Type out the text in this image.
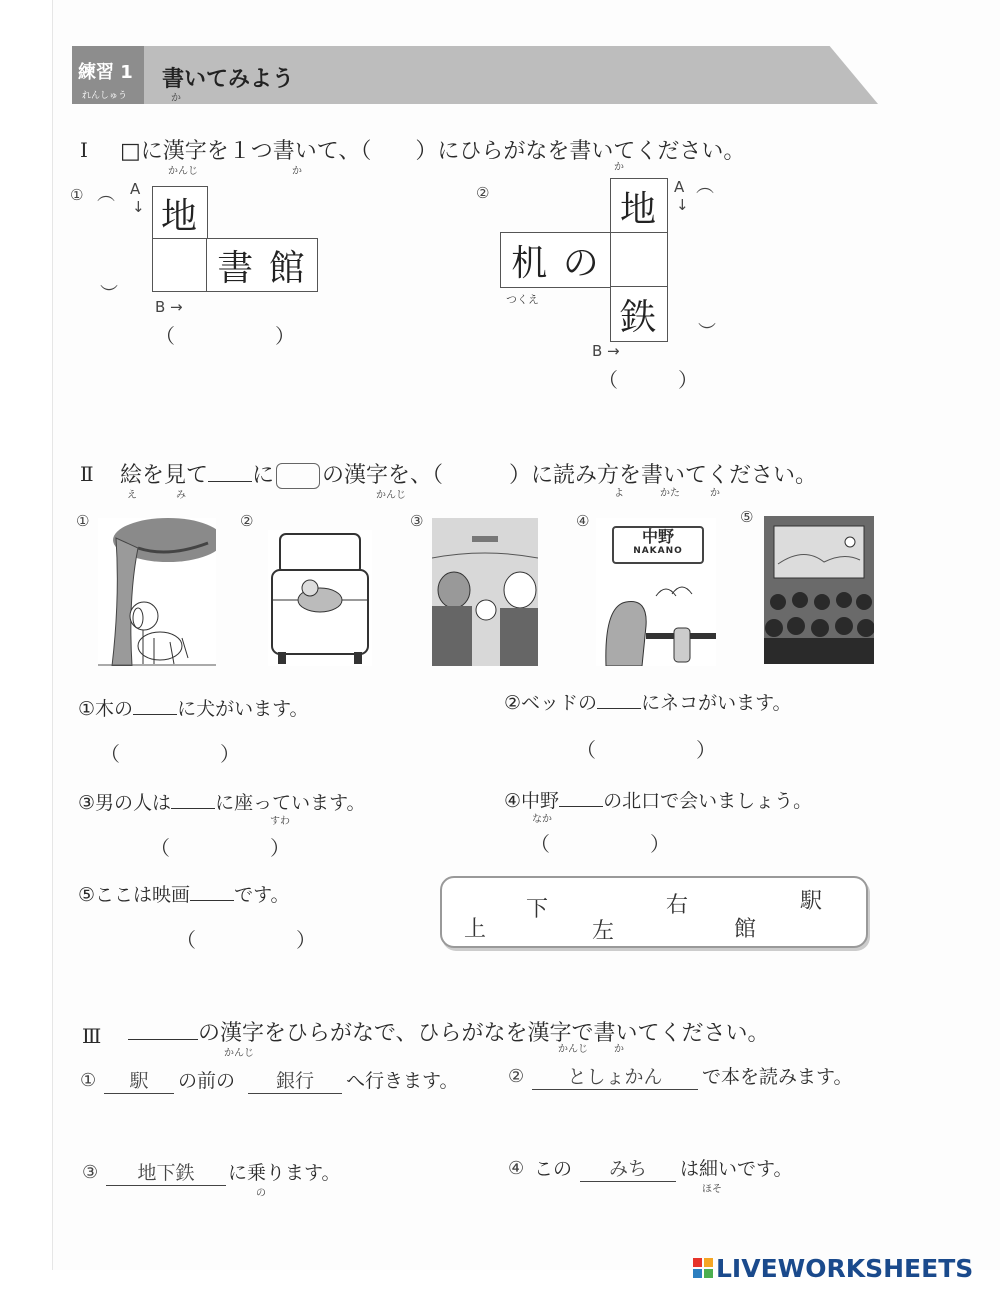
練習 1
れんしゅう
書いてみよう
か
Ⅰ □に漢字を１つ書いて、（　　）にひらがなを書いてください。
かんじ	か	か
① ︵ A
↓
︶
地
書 館
B →
（　　　　　）
②	地
机 の
鉄
つくえ
A
↓
︵
︶
B →
（　　　）
Ⅱ 絵を見て に の漢字を、（　　　）に読み方を書いてください。
え	み	かんじ	よ	かた	か
①	②	③	④
中野
NAKANO
⑤
①木の に犬がいます。
（　　　　　）
②ベッドの にネコがいます。
（　　　　　）
③男の人は に座っています。
すわ
（　　　　　）
④中野 の北口で会いましょう。
なか
（　　　　　）
⑤ここは映画 です。
（　　　　　）	上
下
左
右
館
駅
Ⅲ	の漢字をひらがなで、ひらがなを漢字で書いてください。
かんじ	かんじ	か
①	駅	の前の	銀行	へ行きます。	②	としょかん	で本を読みます。
③	地下鉄	に乗ります。
の
④ この	みち	は細いです。
ほそ
LIVEWORKSHEETS
